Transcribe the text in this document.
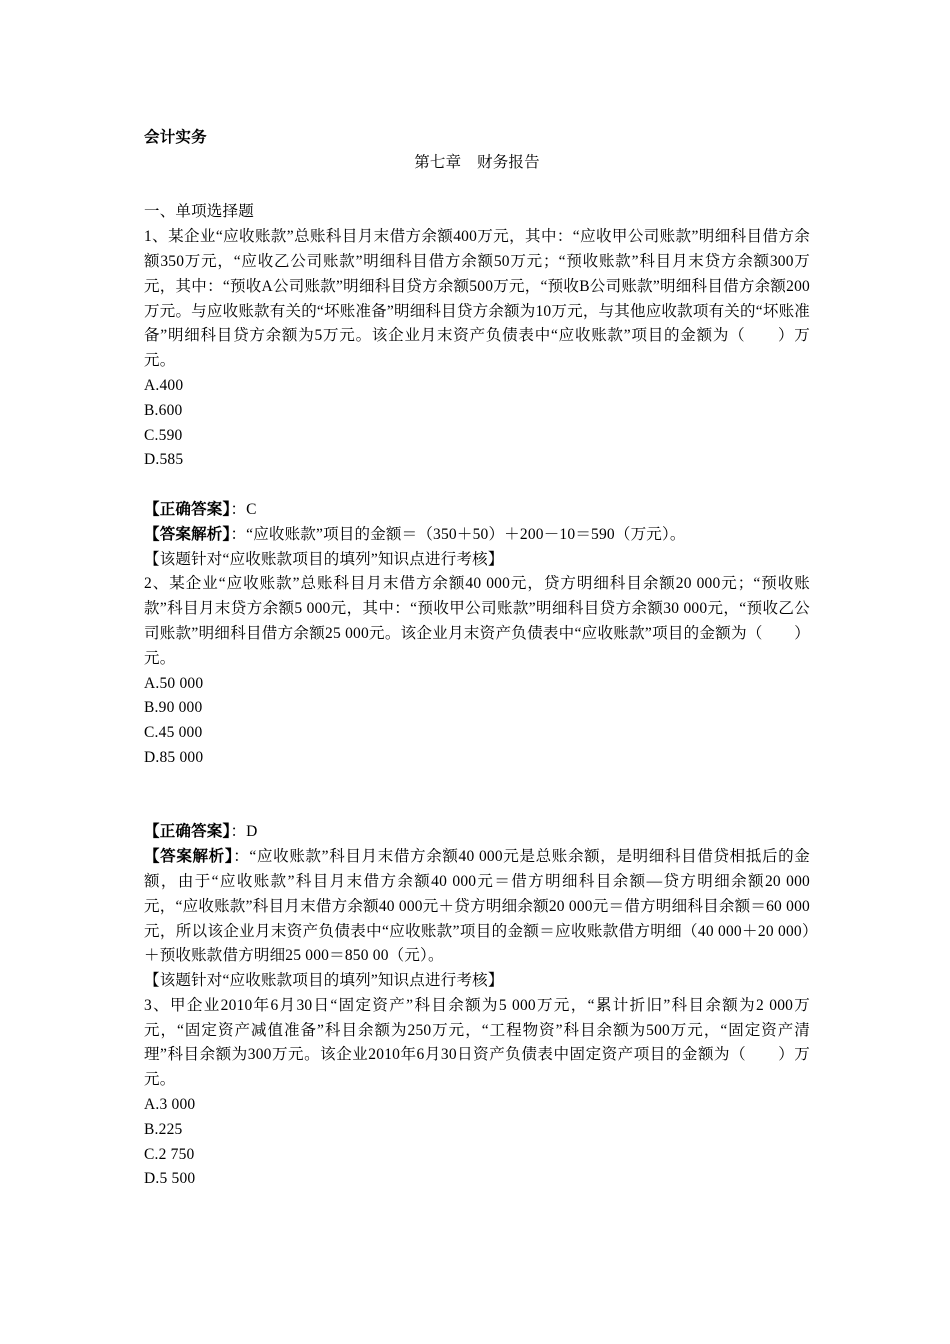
会计实务
第七章　财务报告
一、单项选择题
1、某企业“应收账款”总账科目月末借方余额400万元，其中：“应收甲公司账款”明细科目借方余额350万元，“应收乙公司账款”明细科目借方余额50万元；“预收账款”科目月末贷方余额300万元，其中：“预收A公司账款”明细科目贷方余额500万元，“预收B公司账款”明细科目借方余额200万元。与应收账款有关的“坏账准备”明细科目贷方余额为10万元，与其他应收款项有关的“坏账准备”明细科目贷方余额为5万元。该企业月末资产负债表中“应收账款”项目的金额为（　　）万元。
A.400
B.600
C.590
D.585
【正确答案】：C
【答案解析】：“应收账款”项目的金额＝（350＋50）＋200－10＝590（万元）。
【该题针对“应收账款项目的填列”知识点进行考核】
2、某企业“应收账款”总账科目月末借方余额40 000元，贷方明细科目余额20 000元；“预收账款”科目月末贷方余额5 000元，其中：“预收甲公司账款”明细科目贷方余额30 000元，“预收乙公司账款”明细科目借方余额25 000元。该企业月末资产负债表中“应收账款”项目的金额为（　　）元。
A.50 000
B.90 000
C.45 000
D.85 000
【正确答案】：D
【答案解析】：“应收账款”科目月末借方余额40 000元是总账余额，是明细科目借贷相抵后的金额，由于“应收账款”科目月末借方余额40 000元＝借方明细科目余额—贷方明细余额20 000元，“应收账款”科目月末借方余额40 000元＋贷方明细余额20 000元＝借方明细科目余额＝60 000元，所以该企业月末资产负债表中“应收账款”项目的金额＝应收账款借方明细（40 000＋20 000）＋预收账款借方明细25 000＝850 00（元）。
【该题针对“应收账款项目的填列”知识点进行考核】
3、甲企业2010年6月30日“固定资产”科目余额为5 000万元，“累计折旧”科目余额为2 000万元，“固定资产减值准备”科目余额为250万元，“工程物资”科目余额为500万元，“固定资产清理”科目余额为300万元。该企业2010年6月30日资产负债表中固定资产项目的金额为（　　）万元。
A.3 000
B.225
C.2 750
D.5 500
